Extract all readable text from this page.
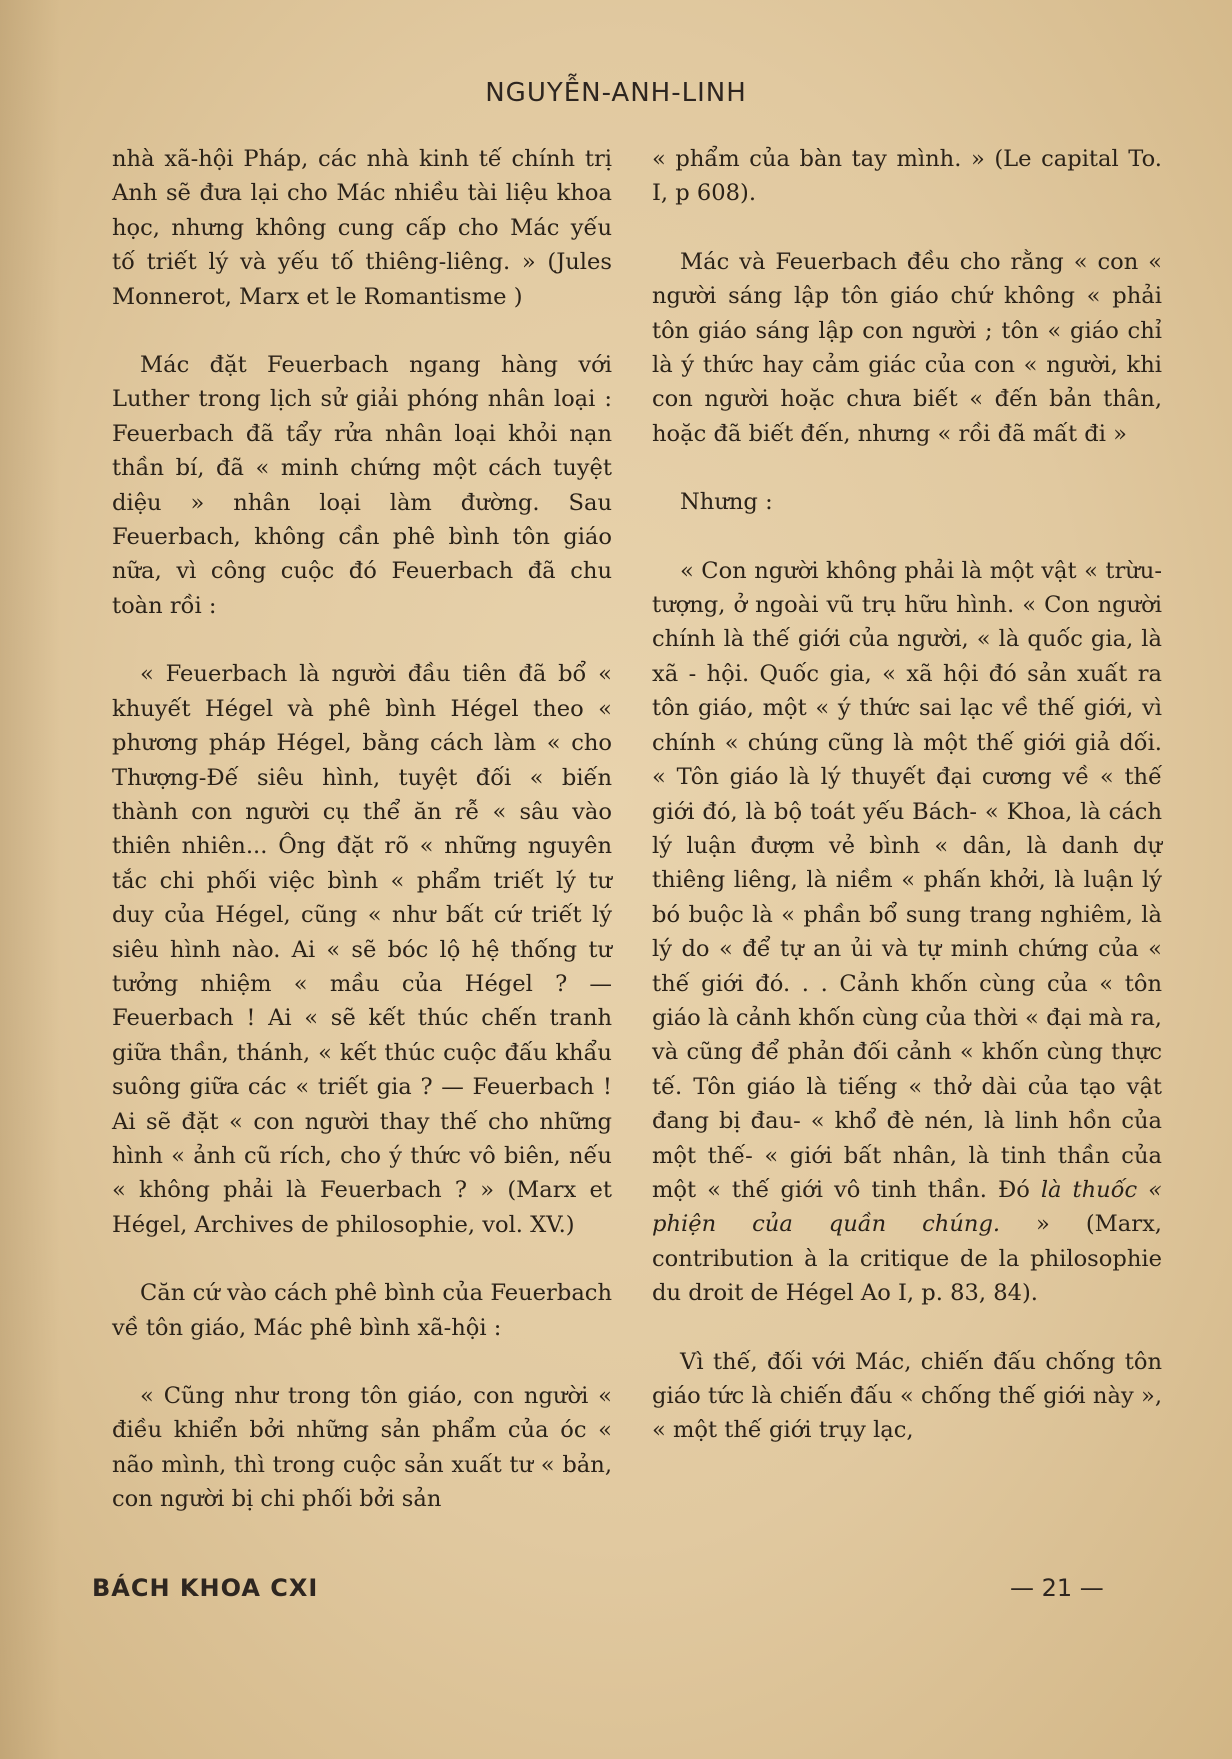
NGUYỄN-ANH-LINH

nhà xã-hội Pháp, các nhà kinh tế chính trị Anh sẽ đưa lại cho Mác nhiều tài liệu khoa học, nhưng không cung cấp cho Mác yếu tố triết lý và yếu tố thiêng-liêng. » (Jules Monnerot, Marx et le Romantisme )

Mác đặt Feuerbach ngang hàng với Luther trong lịch sử giải phóng nhân loại : Feuerbach đã tẩy rửa nhân loại khỏi nạn thần bí, đã « minh chứng một cách tuyệt diệu » nhân loại làm đường. Sau Feuerbach, không cần phê bình tôn giáo nữa, vì công cuộc đó Feuerbach đã chu toàn rồi :

« Feuerbach là người đầu tiên đã bổ « khuyết Hégel và phê bình Hégel theo « phương pháp Hégel, bằng cách làm « cho Thượng-Đế siêu hình, tuyệt đối « biến thành con người cụ thể ăn rễ « sâu vào thiên nhiên... Ông đặt rõ « những nguyên tắc chi phối việc bình « phẩm triết lý tư duy của Hégel, cũng « như bất cứ triết lý siêu hình nào. Ai « sẽ bóc lộ hệ thống tư tưởng nhiệm « mầu của Hégel ? — Feuerbach ! Ai « sẽ kết thúc chến tranh giữa thần, thánh, « kết thúc cuộc đấu khẩu suông giữa các « triết gia ? — Feuerbach ! Ai sẽ đặt « con người thay thế cho những hình « ảnh cũ rích, cho ý thức vô biên, nếu « không phải là Feuerbach ? » (Marx et Hégel, Archives de philosophie, vol. XV.)

Căn cứ vào cách phê bình của Feuerbach về tôn giáo, Mác phê bình xã-hội :

« Cũng như trong tôn giáo, con người « điều khiển bởi những sản phẩm của óc « não mình, thì trong cuộc sản xuất tư « bản, con người bị chi phối bởi sản

« phẩm của bàn tay mình. » (Le capital To. I, p 608).

Mác và Feuerbach đều cho rằng « con « người sáng lập tôn giáo chứ không « phải tôn giáo sáng lập con người ; tôn « giáo chỉ là ý thức hay cảm giác của con « người, khi con người hoặc chưa biết « đến bản thân, hoặc đã biết đến, nhưng « rồi đã mất đi »

Nhưng :

« Con người không phải là một vật « trừu-tượng, ở ngoài vũ trụ hữu hình. « Con người chính là thế giới của người, « là quốc gia, là xã - hội. Quốc gia, « xã hội đó sản xuất ra tôn giáo, một « ý thức sai lạc về thế giới, vì chính « chúng cũng là một thế giới giả dối. « Tôn giáo là lý thuyết đại cương về « thế giới đó, là bộ toát yếu Bách- « Khoa, là cách lý luận đượm vẻ bình « dân, là danh dự thiêng liêng, là niềm « phấn khởi, là luận lý bó buộc là « phần bổ sung trang nghiêm, là lý do « để tự an ủi và tự minh chứng của « thế giới đó. . . Cảnh khốn cùng của « tôn giáo là cảnh khốn cùng của thời « đại mà ra, và cũng để phản đối cảnh « khốn cùng thực tế. Tôn giáo là tiếng « thở dài của tạo vật đang bị đau- « khổ đè nén, là linh hồn của một thế- « giới bất nhân, là tinh thần của một « thế giới vô tinh thần. Đó là thuốc « phiện của quần chúng. » (Marx, contribution à la critique de la philosophie du droit de Hégel Ao I, p. 83, 84).

Vì thế, đối với Mác, chiến đấu chống tôn giáo tức là chiến đấu « chống thế giới này », « một thế giới trụy lạc,

BÁCH KHOA CXI	— 21 —
